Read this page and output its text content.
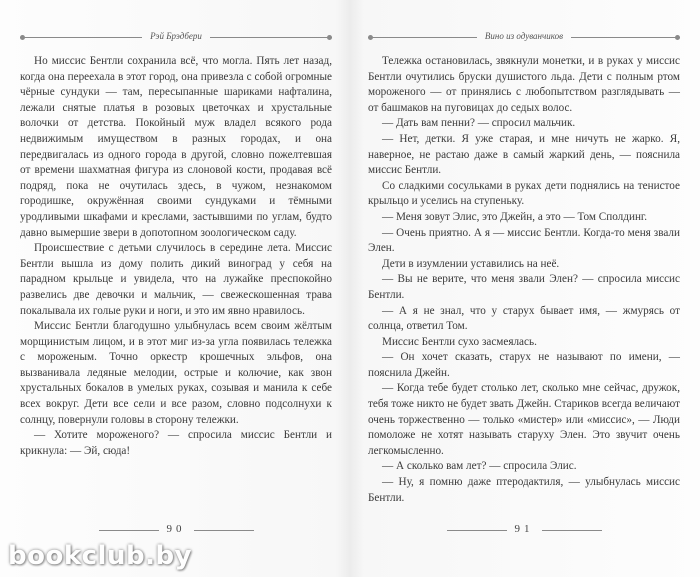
Рэй Брэдбери

Но миссис Бентли сохранила всё, что могла. Пять лет назад, когда она переехала в этот город, она привезла с собой огромные чёрные сундуки — там, пересыпанные шариками нафталина, лежали снятые платья в розовых цветочках и хрустальные волочки от детства. Покойный муж владел всякого рода недвижимым имуществом в разных городах, и она передвигалась из одного города в другой, словно пожелтевшая от времени шахматная фигура из слоновой кости, продавая всё подряд, пока не очутилась здесь, в чужом, незнакомом городишке, окружённая своими сундуками и тёмными уродливыми шкафами и креслами, застывшими по углам, будто давно вымершие звери в допотопном зоологическом саду.

Происшествие с детьми случилось в середине лета. Миссис Бентли вышла из дому полить дикий виноград у себя на парадном крыльце и увидела, что на лужайке преспокойно развелись две девочки и мальчик, — свежескошенная трава покалывала их голые руки и ноги, и это им явно нравилось.

Миссис Бентли благодушно улыбнулась всем своим жёлтым морщинистым лицом, и в этот миг из-за угла появилась тележка с мороженым. Точно оркестр крошечных эльфов, она вызванивала ледяные мелодии, острые и колючие, как звон хрустальных бокалов в умелых руках, созывая и манила к себе всех вокруг. Дети все сели и все разом, словно подсолнухи к солнцу, повернули головы в сторону тележки.

— Хотите мороженого? — спросила миссис Бентли и крикнула: — Эй, сюда!

90
Вино из одуванчиков

Тележка остановилась, звякнули монетки, и в руках у миссис Бентли очутились бруски душистого льда. Дети с полным ртом мороженого — от принялись с любопытством разглядывать — от башмаков на пуговицах до седых волос.

— Дать вам пенни? — спросил мальчик.

— Нет, детки. Я уже старая, и мне ничуть не жарко. Я, наверное, не растаю даже в самый жаркий день, — пояснила миссис Бентли.

Со сладкими сосульками в руках дети поднялись на тенистое крыльцо и уселись на ступеньку.

— Меня зовут Элис, это Джейн, а это — Том Сполдинг.

— Очень приятно. А я — миссис Бентли. Когда-то меня звали Элен.

Дети в изумлении уставились на неё.

— Вы не верите, что меня звали Элен? — спросила миссис Бентли.

— А я не знал, что у старух бывает имя, — жмурясь от солнца, ответил Том.

Миссис Бентли сухо засмеялась.

— Он хочет сказать, старух не называют по имени, — пояснила Джейн.

— Когда тебе будет столько лет, сколько мне сейчас, дружок, тебя тоже никто не будет звать Джейн. Стариков всегда величают очень торжественно — только «мистер» или «миссис», — Люди помоложе не хотят называть старуху Элен. Это звучит очень легкомысленно.

— А сколько вам лет? — спросила Элис.

— Ну, я помню даже птеродактиля, — улыбнулась миссис Бентли.

91
bookclub.by
